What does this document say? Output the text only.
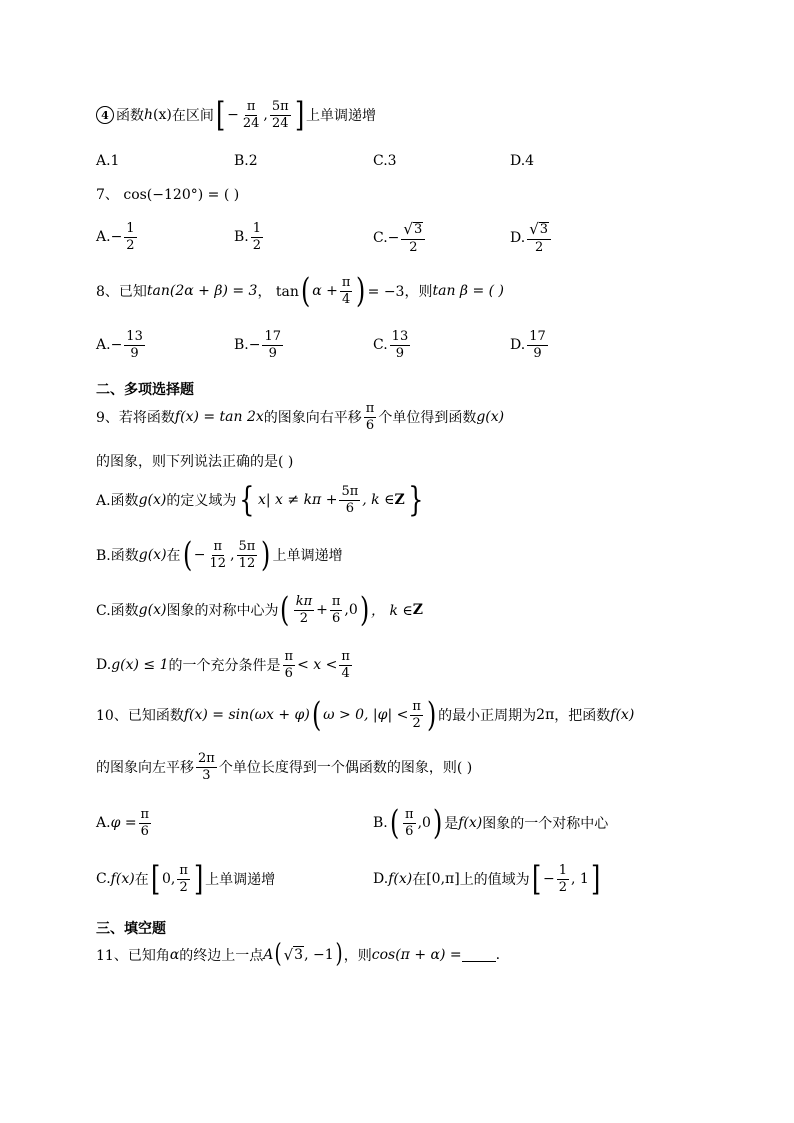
4 函数 h (x) 在区间 [ − $\frac{\pi}{24}$ , $\frac{5\pi}{24}$ ] 上单调递增
A.1	B.2	C.3	D.4
7、 cos(−120°) = ( )
A. − $\frac{1}{2}$	B. $\frac{1}{2}$	C. − $\frac{√ 3}{2}$	D. $\frac{√ 3}{2}$
8、已知 tan(2α + β) = 3 ， tan ( $\alpha + \frac{\pi}{4}$ ) = −3，则 tan β = ( )
A. − $\frac{13}{9}$	B. − $\frac{17}{9}$	C. $\frac{13}{9}$	D. $\frac{17}{9}$
二、多项选择题
9、若将函数 f(x) = tan 2x 的图象向右平移 $\frac{\pi}{6}$ 个单位得到函数 g(x)
的图象，则下列说法正确的是( )
A.函数 g(x) 的定义域为 { x| $x \ne k\pi + \frac{5\pi}{6}$ , k ∈ Z }
B.函数 g(x) 在 ( − $\frac{\pi}{12}$ , $\frac{5\pi}{12}$ ) 上单调递增
C.函数 g(x) 图象的对称中心为 ( $\frac{k\pi}{2} + \frac{\pi}{6} ,0$ ) ， k ∈ Z
D. g(x) ≤ 1 的一个充分条件是 $\frac{\pi}{6} < x < \frac{\pi}{4}$
10、已知函数 f(x) = sin(ωx + φ) ( ω > 0, $|\varphi| < \frac{\pi}{2}$ ) 的最小正周期为 2π ，把函数 f(x)
的图象向左平移 $\frac{2\pi}{3}$ 个单位长度得到一个偶函数的图象，则( )
A. $\varphi = \frac{\pi}{6}$	B. ( $\frac{\pi}{6} ,0$ ) 是 f(x) 图象的一个对称中心
C. f(x) 在 [ 0, $\frac{\pi}{2}$ ] 上单调递增	D. f(x) 在 [0,π] 上的值域为 [ − $\frac{1}{2}$ , 1 ]
三、填空题
11、已知角 α 的终边上一点 A ( √ 3 , −1 ) ，则 cos(π + α) = .
